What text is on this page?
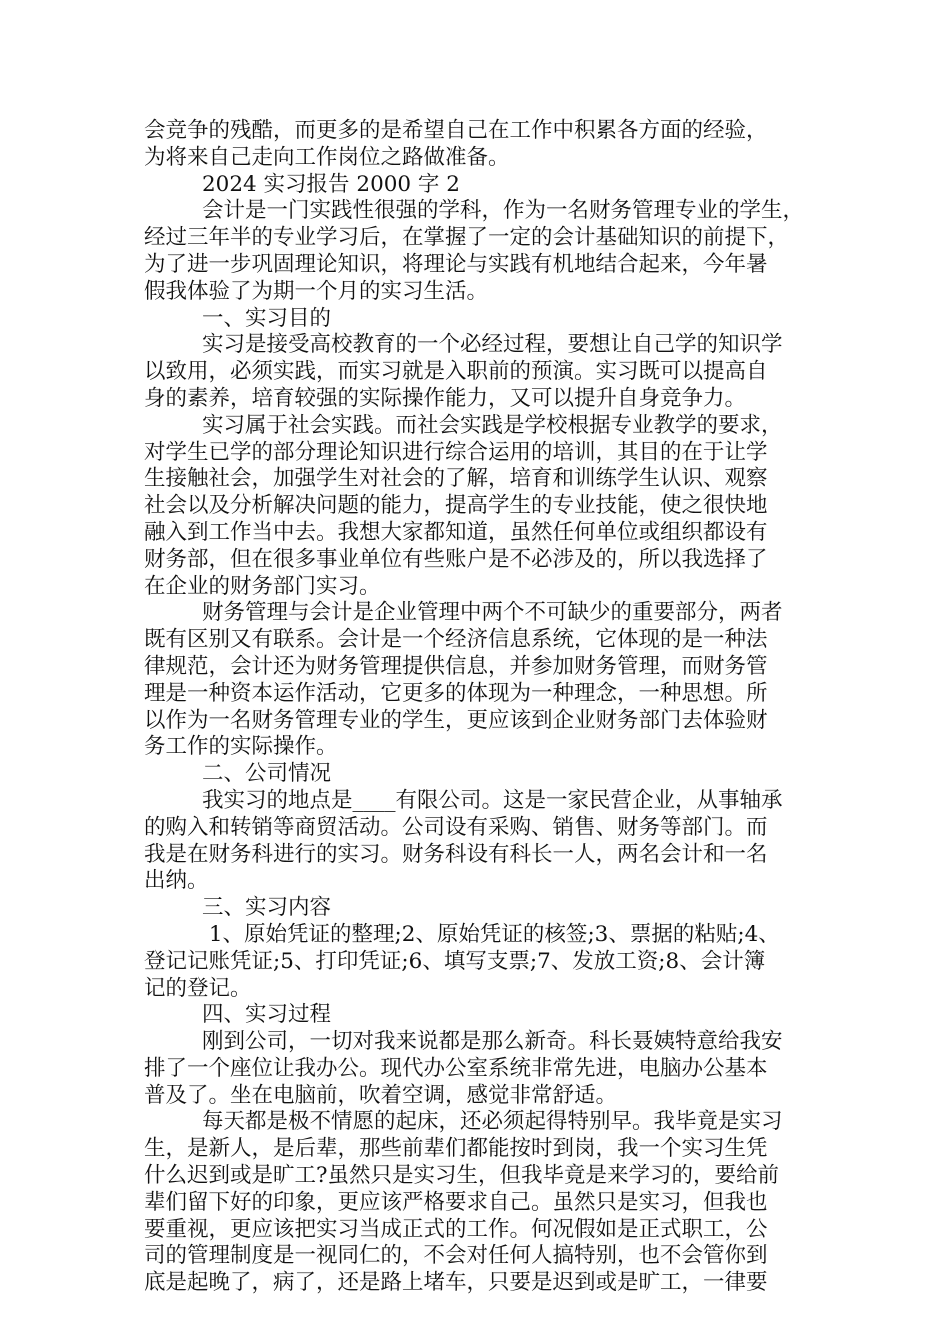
会竞争的残酷，而更多的是希望自己在工作中积累各方面的经验，
为将来自己走向工作岗位之路做准备。
2024 实习报告 2000 字 2
会计是一门实践性很强的学科，作为一名财务管理专业的学生，
经过三年半的专业学习后，在掌握了一定的会计基础知识的前提下，
为了进一步巩固理论知识，将理论与实践有机地结合起来，今年暑
假我体验了为期一个月的实习生活。
一、实习目的
实习是接受高校教育的一个必经过程，要想让自己学的知识学
以致用，必须实践，而实习就是入职前的预演。实习既可以提高自
身的素养，培育较强的实际操作能力，又可以提升自身竞争力。
实习属于社会实践。而社会实践是学校根据专业教学的要求，
对学生已学的部分理论知识进行综合运用的培训，其目的在于让学
生接触社会，加强学生对社会的了解，培育和训练学生认识、观察
社会以及分析解决问题的能力，提高学生的专业技能，使之很快地
融入到工作当中去。我想大家都知道，虽然任何单位或组织都设有
财务部，但在很多事业单位有些账户是不必涉及的，所以我选择了
在企业的财务部门实习。
财务管理与会计是企业管理中两个不可缺少的重要部分，两者
既有区别又有联系。会计是一个经济信息系统，它体现的是一种法
律规范，会计还为财务管理提供信息，并参加财务管理，而财务管
理是一种资本运作活动，它更多的体现为一种理念，一种思想。所
以作为一名财务管理专业的学生，更应该到企业财务部门去体验财
务工作的实际操作。
二、公司情况
我实习的地点是____有限公司。这是一家民营企业，从事轴承
的购入和转销等商贸活动。公司设有采购、销售、财务等部门。而
我是在财务科进行的实习。财务科设有科长一人，两名会计和一名
出纳。
三、实习内容
1、原始凭证的整理;2、原始凭证的核签;3、票据的粘贴;4、
登记记账凭证;5、打印凭证;6、填写支票;7、发放工资;8、会计簿
记的登记。
四、实习过程
刚到公司，一切对我来说都是那么新奇。科长聂姨特意给我安
排了一个座位让我办公。现代办公室系统非常先进，电脑办公基本
普及了。坐在电脑前，吹着空调，感觉非常舒适。
每天都是极不情愿的起床，还必须起得特别早。我毕竟是实习
生，是新人，是后辈，那些前辈们都能按时到岗，我一个实习生凭
什么迟到或是旷工?虽然只是实习生，但我毕竟是来学习的，要给前
辈们留下好的印象，更应该严格要求自己。虽然只是实习，但我也
要重视，更应该把实习当成正式的工作。何况假如是正式职工，公
司的管理制度是一视同仁的，不会对任何人搞特别，也不会管你到
底是起晚了，病了，还是路上堵车，只要是迟到或是旷工，一律要
